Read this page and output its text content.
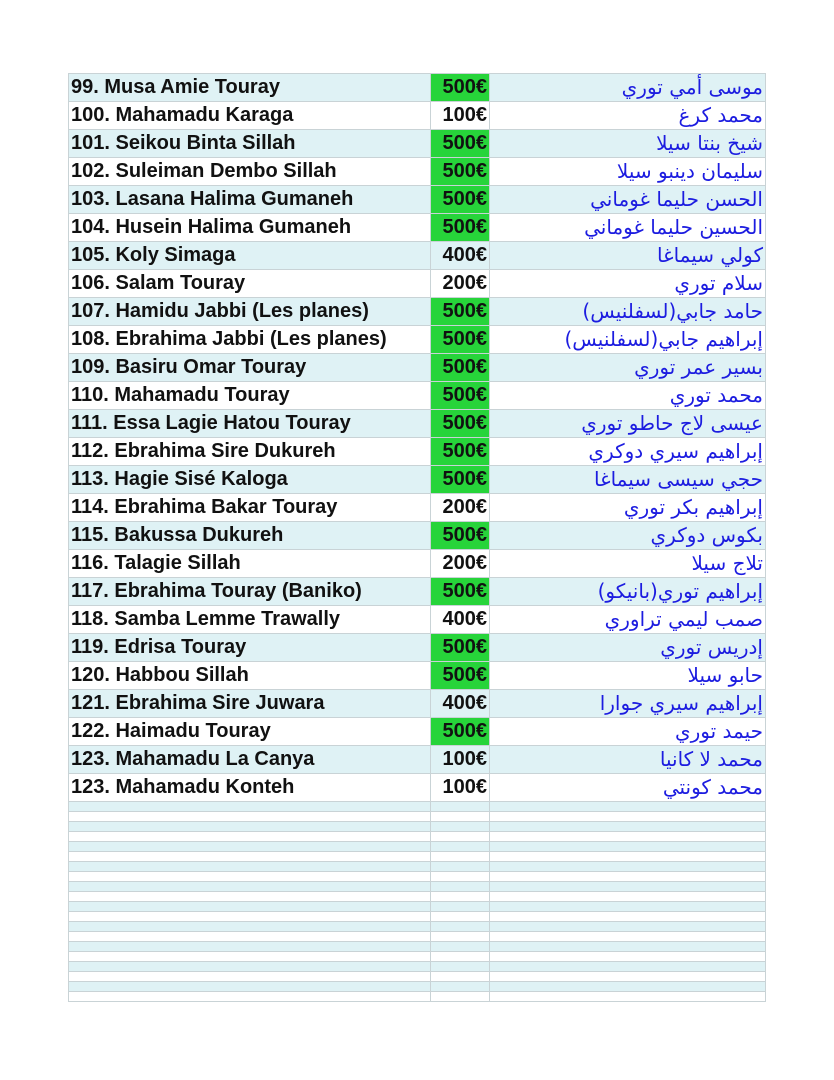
99. Musa Amie Touray	500€	موسى أمي توري
100. Mahamadu Karaga	100€	محمد كرغ
101. Seikou Binta Sillah	500€	شيخ بنتا سيلا
102. Suleiman Dembo Sillah	500€	سليمان دينبو سيلا
103. Lasana Halima Gumaneh	500€	الحسن حليما غوماني
104. Husein Halima Gumaneh	500€	الحسين حليما غوماني
105. Koly Simaga	400€	كولي سيماغا
106. Salam Touray	200€	سلام توري
107. Hamidu Jabbi (Les planes)	500€	حامد جابي(لسفلنيس)
108. Ebrahima Jabbi (Les planes)	500€	إبراهيم جابي(لسفلنيس)
109. Basiru Omar Touray	500€	بسير عمر توري
110. Mahamadu Touray	500€	محمد توري
111. Essa Lagie Hatou Touray	500€	عيسى لاج حاطو توري
112. Ebrahima Sire Dukureh	500€	إبراهيم سيري دوكري
113. Hagie Sisé Kaloga	500€	حجي سيسى سيماغا
114. Ebrahima Bakar Touray	200€	إبراهيم بكر توري
115. Bakussa Dukureh	500€	بكوس دوكري
116. Talagie Sillah	200€	تلاج سيلا
117. Ebrahima Touray (Baniko)	500€	إبراهيم توري(بانيكو)
118. Samba Lemme Trawally	400€	صمب ليمي تراوري
119. Edrisa Touray	500€	إدريس توري
120. Habbou Sillah	500€	حابو سيلا
121. Ebrahima Sire Juwara	400€	إبراهيم سيري جوارا
122. Haimadu Touray	500€	حيمد توري
123. Mahamadu La Canya	100€	محمد لا كانيا
123. Mahamadu Konteh	100€	محمد كونتي
